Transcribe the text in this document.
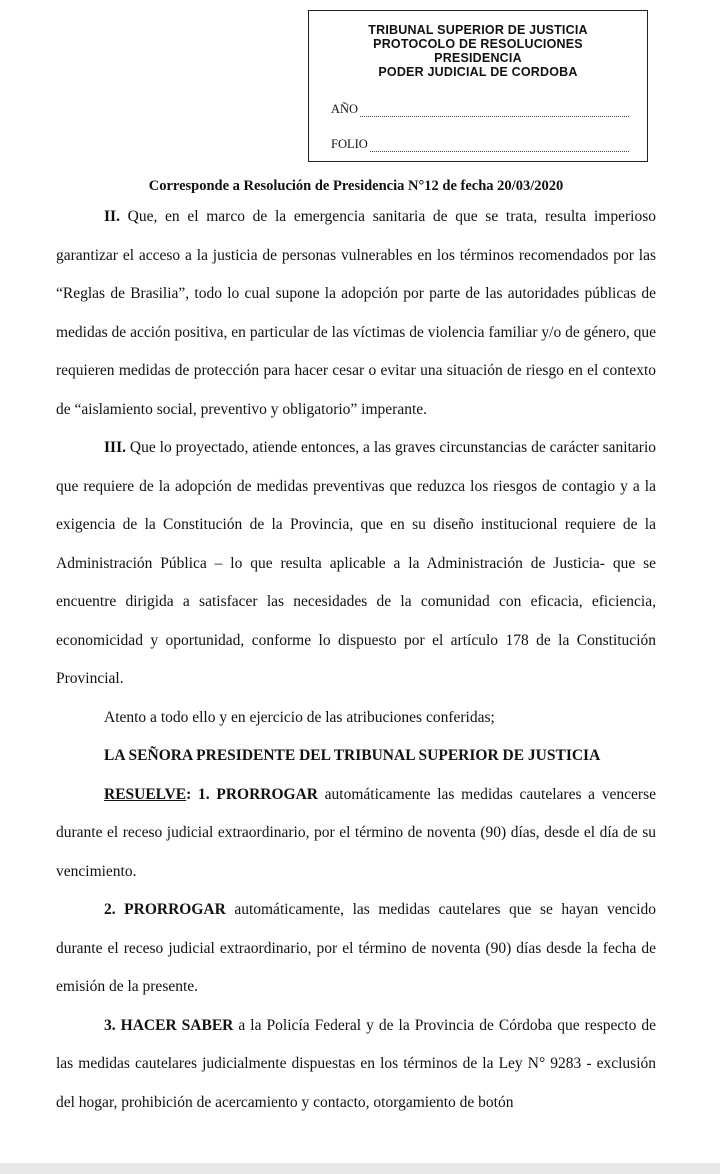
TRIBUNAL SUPERIOR DE JUSTICIA
PROTOCOLO DE RESOLUCIONES
PRESIDENCIA
PODER JUDICIAL DE CORDOBA
AÑO
FOLIO

Corresponde a Resolución de Presidencia N°12 de fecha 20/03/2020

II. Que, en el marco de la emergencia sanitaria de que se trata, resulta imperioso garantizar el acceso a la justicia de personas vulnerables en los términos recomendados por las “Reglas de Brasilia”, todo lo cual supone la adopción por parte de las autoridades públicas de medidas de acción positiva, en particular de las víctimas de violencia familiar y/o de género, que requieren medidas de protección para hacer cesar o evitar una situación de riesgo en el contexto de “aislamiento social, preventivo y obligatorio” imperante.

III. Que lo proyectado, atiende entonces, a las graves circunstancias de carácter sanitario que requiere de la adopción de medidas preventivas que reduzca los riesgos de contagio y a la exigencia de la Constitución de la Provincia, que en su diseño institucional requiere de la Administración Pública – lo que resulta aplicable a la Administración de Justicia- que se encuentre dirigida a satisfacer las necesidades de la comunidad con eficacia, eficiencia, economicidad y oportunidad, conforme lo dispuesto por el artículo 178 de la Constitución Provincial.

Atento a todo ello y en ejercicio de las atribuciones conferidas;

LA SEÑORA PRESIDENTE DEL TRIBUNAL SUPERIOR DE JUSTICIA

RESUELVE: 1. PRORROGAR automáticamente las medidas cautelares a vencerse durante el receso judicial extraordinario, por el término de noventa (90) días, desde el día de su vencimiento.

2. PRORROGAR automáticamente, las medidas cautelares que se hayan vencido durante el receso judicial extraordinario, por el término de noventa (90) días desde la fecha de emisión de la presente.

3. HACER SABER a la Policía Federal y de la Provincia de Córdoba que respecto de las medidas cautelares judicialmente dispuestas en los términos de la Ley N° 9283 - exclusión del hogar, prohibición de acercamiento y contacto, otorgamiento de botón
